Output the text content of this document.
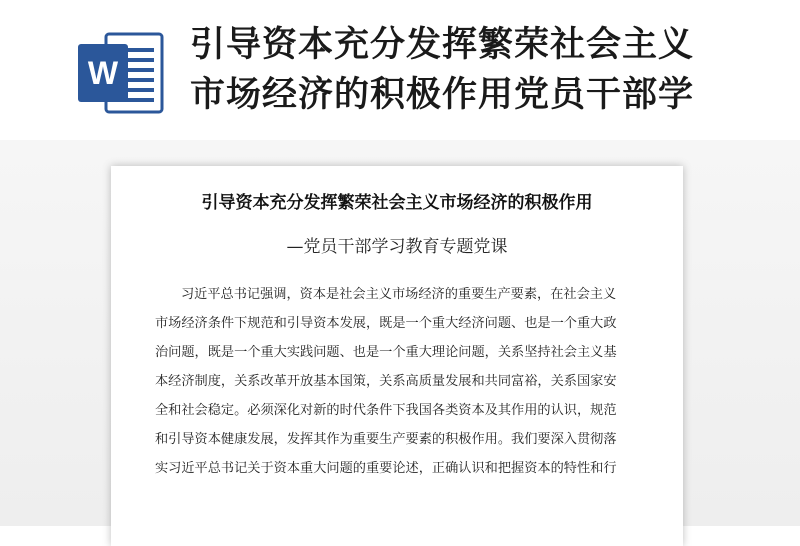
W
引导资本充分发挥繁荣社会主义
市场经济的积极作用党员干部学
引导资本充分发挥繁荣社会主义市场经济的积极作用
—党员干部学习教育专题党课
习近平总书记强调，资本是社会主义市场经济的重要生产要素，在社会主义
市场经济条件下规范和引导资本发展，既是一个重大经济问题、也是一个重大政
治问题，既是一个重大实践问题、也是一个重大理论问题，关系坚持社会主义基
本经济制度，关系改革开放基本国策，关系高质量发展和共同富裕，关系国家安
全和社会稳定。必须深化对新的时代条件下我国各类资本及其作用的认识，规范
和引导资本健康发展，发挥其作为重要生产要素的积极作用。我们要深入贯彻落
实习近平总书记关于资本重大问题的重要论述，正确认识和把握资本的特性和行
